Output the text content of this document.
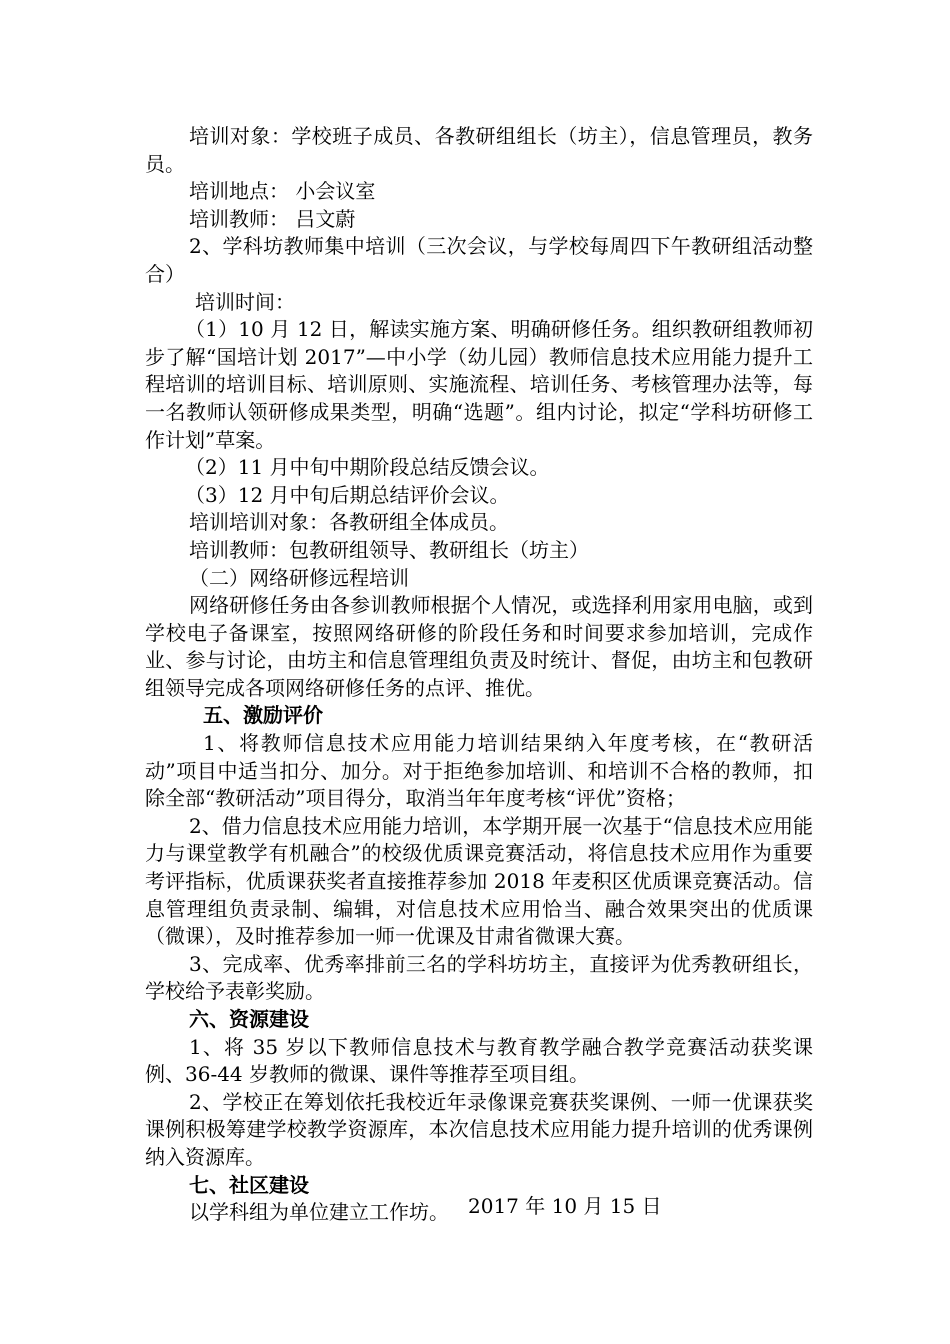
培训对象：学校班子成员、各教研组组长（坊主），信息管理员，教务员。

培训地点： 小会议室

培训教师： 吕文蔚

2、学科坊教师集中培训（三次会议，与学校每周四下午教研组活动整合）

培训时间：

（1）10 月 12 日，解读实施方案、明确研修任务。组织教研组教师初步了解“国培计划 2017”—中小学（幼儿园）教师信息技术应用能力提升工程培训的培训目标、培训原则、实施流程、培训任务、考核管理办法等，每一名教师认领研修成果类型，明确“选题”。组内讨论，拟定“学科坊研修工作计划”草案。

（2）11 月中旬中期阶段总结反馈会议。

（3）12 月中旬后期总结评价会议。

培训培训对象：各教研组全体成员。

培训教师：包教研组领导、教研组长（坊主）

（二）网络研修远程培训

网络研修任务由各参训教师根据个人情况，或选择利用家用电脑，或到学校电子备课室，按照网络研修的阶段任务和时间要求参加培训，完成作业、参与讨论，由坊主和信息管理组负责及时统计、督促，由坊主和包教研组领导完成各项网络研修任务的点评、推优。

五、激励评价

1、将教师信息技术应用能力培训结果纳入年度考核，在“教研活动”项目中适当扣分、加分。对于拒绝参加培训、和培训不合格的教师，扣除全部“教研活动”项目得分，取消当年年度考核“评优”资格；

2、借力信息技术应用能力培训，本学期开展一次基于“信息技术应用能力与课堂教学有机融合”的校级优质课竞赛活动，将信息技术应用作为重要考评指标，优质课获奖者直接推荐参加 2018 年麦积区优质课竞赛活动。信息管理组负责录制、编辑，对信息技术应用恰当、融合效果突出的优质课（微课），及时推荐参加一师一优课及甘肃省微课大赛。

3、完成率、优秀率排前三名的学科坊坊主，直接评为优秀教研组长，学校给予表彰奖励。

六、资源建设

1、将 35 岁以下教师信息技术与教育教学融合教学竞赛活动获奖课例、36-44 岁教师的微课、课件等推荐至项目组。

2、学校正在筹划依托我校近年录像课竞赛获奖课例、一师一优课获奖课例积极筹建学校教学资源库，本次信息技术应用能力提升培训的优秀课例纳入资源库。

七、社区建设

以学科组为单位建立工作坊。 2017 年 10 月 15 日
